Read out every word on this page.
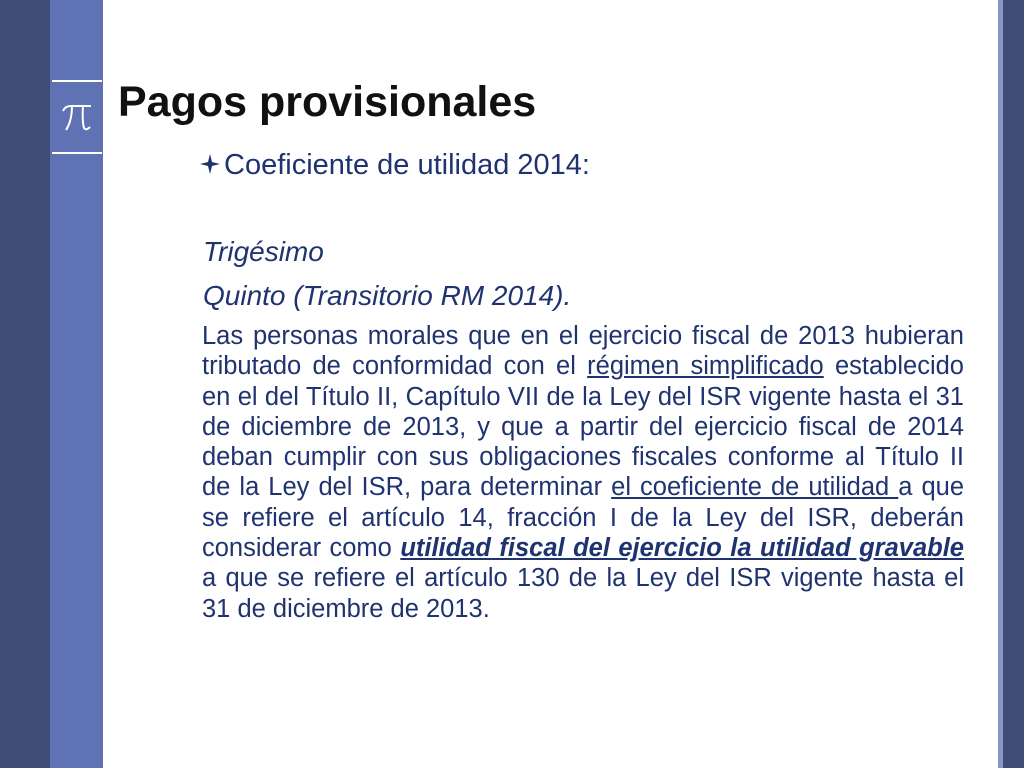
Pagos provisionales
Coeficiente de utilidad 2014:

Trigésimo

Quinto (Transitorio RM 2014).

Las personas morales que en el ejercicio fiscal de 2013 hubieran tributado de conformidad con el régimen simplificado establecido en el del Título II, Capítulo VII de la Ley del ISR vigente hasta el 31 de diciembre de 2013, y que a partir del ejercicio fiscal de 2014 deban cumplir con sus obligaciones fiscales conforme al Título II de la Ley del ISR, para determinar el coeficiente de utilidad a que se refiere el artículo 14, fracción I de la Ley del ISR, deberán considerar como utilidad fiscal del ejercicio la utilidad gravable a que se refiere el artículo 130 de la Ley del ISR vigente hasta el 31 de diciembre de 2013.
